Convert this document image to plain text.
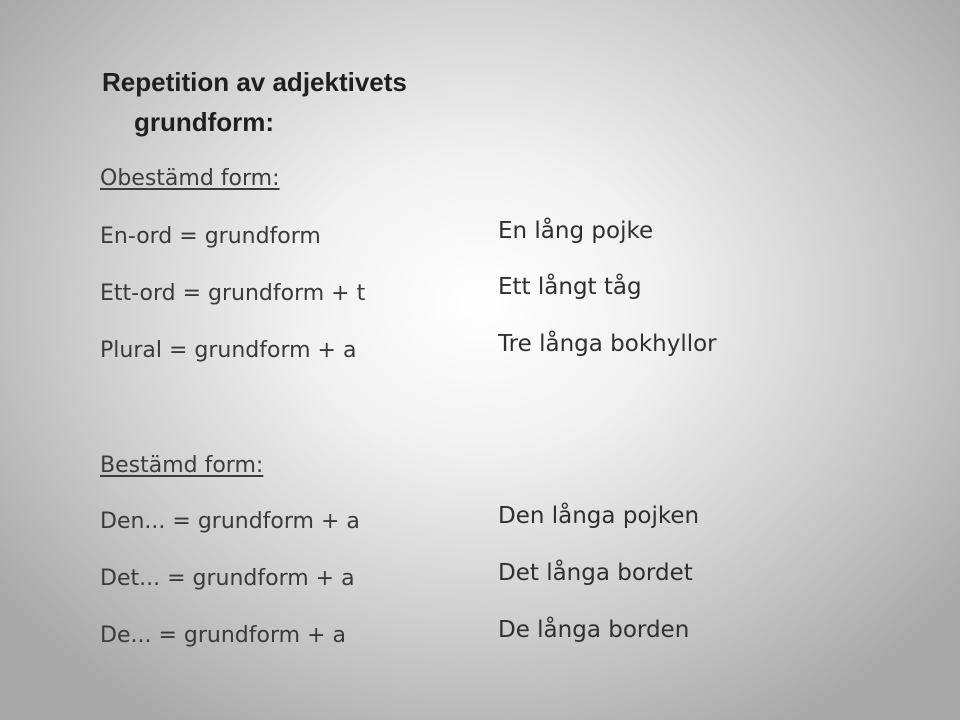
Repetition av adjektivets
grundform:
Obestämd form:
En-ord = grundform
Ett-ord = grundform + t
Plural = grundform + a
En lång pojke
Ett långt tåg
Tre långa bokhyllor
Bestämd form:
Den... = grundform + a
Det... = grundform + a
De... = grundform + a
Den långa pojken
Det långa bordet
De långa borden
